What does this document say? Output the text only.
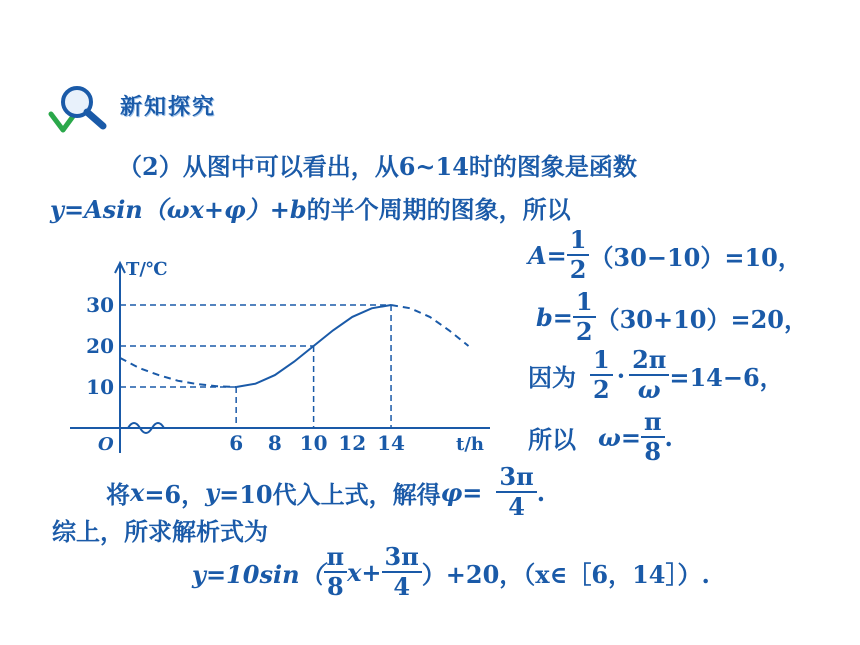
新知探究
（2）从图中可以看出，从6~14时的图象是函数
y=Asin（ωx+φ）+b的半个周期的图象，所以
$A= \frac{1}{2} (30-10)=10$，
$b= \frac{1}{2} (30+10)=20$，
因为 $\frac{1}{2} \cdot \frac{2\pi}{\omega} =14-6$，
所以 $\omega= \frac{\pi}{8}$ .
将 x =6， y =10代入上式，解得 $\varphi= \frac{3\pi}{4}$ .
综上，所求解析式为
$y=10\sin( \frac{\pi}{8} x+ \frac{3\pi}{4} )+20$，（x∈［6，14］）.
T/℃
t/h
O	6 8 10 12 14
10
20
30
